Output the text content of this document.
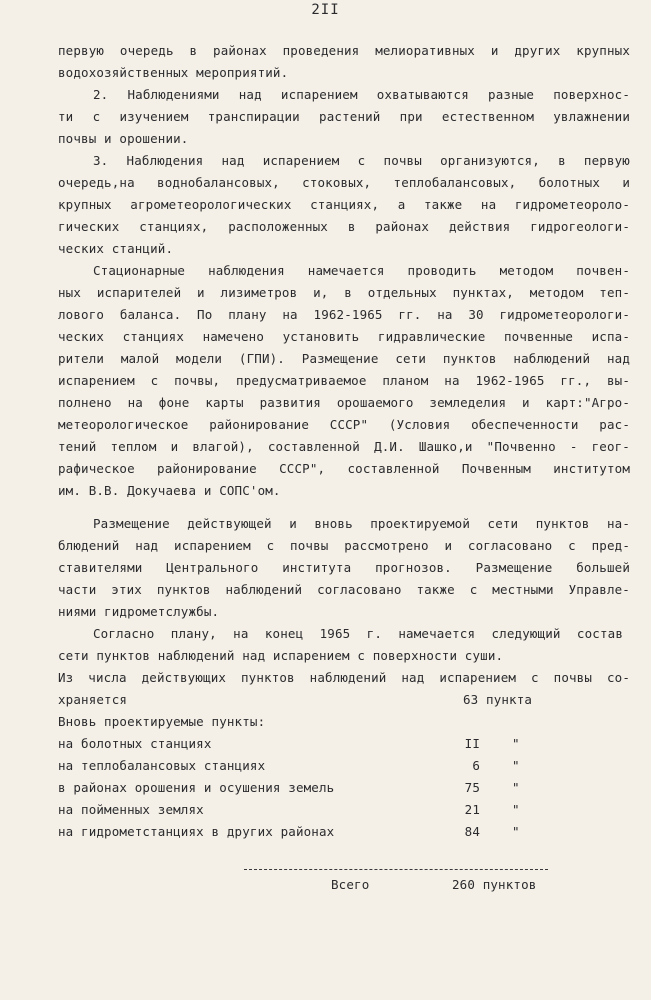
2II
первую очередь в районах проведения мелиоративных и других крупных
водохозяйственных мероприятий.
2. Наблюдениями над испарением охватываются разные поверхнос-
ти с изучением транспирации растений при естественном увлажнении
почвы и орошении.
3. Наблюдения над испарением с почвы организуются, в первую
очередь,на воднобалансовых, стоковых, теплобалансовых, болотных и
крупных агрометеорологических станциях, а также на гидрометеороло-
гических станциях, расположенных в районах действия гидрогеологи-
ческих станций.
Стационарные наблюдения намечается проводить методом почвен-
ных испарителей и лизиметров и, в отдельных пунктах, методом теп-
лового баланса. По плану на 1962-1965 гг. на 30 гидрометеорологи-
ческих станциях намечено установить гидравлические почвенные испа-
рители малой модели (ГПИ). Размещение сети пунктов наблюдений над
испарением с почвы, предусматриваемое планом на 1962-1965 гг., вы-
полнено на фоне карты развития орошаемого земледелия и карт:"Агро-
метеорологическое районирование СССР" (Условия обеспеченности рас-
тений теплом и влагой), составленной Д.И. Шашко,и "Почвенно - геог-
рафическое районирование СССР", составленной Почвенным институтом
им. В.В. Докучаева и СОПС'ом.
Размещение действующей и вновь проектируемой сети пунктов на-
блюдений над испарением с почвы рассмотрено и согласовано с пред-
ставителями Центрального института прогнозов. Размещение большей
части этих пунктов наблюдений согласовано также с местными Управле-
ниями гидрометслужбы.
Согласно плану, на конец 1965 г. намечается следующий состав
сети пунктов наблюдений над испарением с поверхности суши.
Из числа действующих пунктов наблюдений над испарением с почвы со-
храняется	63 пункта
Вновь проектируемые пункты:
на болотных станциях	II	"
на теплобалансовых станциях	6	"
в районах орошения и осушения земель	75	"
на пойменных землях	21	"
на гидрометстанциях в других районах	84	"
Всего	260 пунктов
